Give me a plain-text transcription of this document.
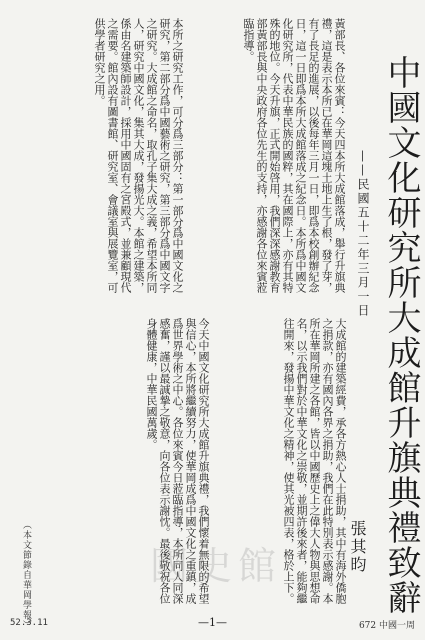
中國文化研究所大成館升旗典禮致辭
——民國五十二年三月一日
張其昀
黃部長、各位來賓：今天四本所大成館落成，舉行升旗典禮，這是表示本所已在華岡這塊土地上生了根，發了芽，有了長足的進展，以後每年三月一日，即爲本校創辦紀念日，這一日即爲本所大成館落成之紀念日。本所爲中國文化研究所，代表中華民族的國粹，其在國際上，亦有其特殊的地位。今天升旗，正式開始啓用，我們深深感謝教育部黃部長與中央政府各位先生的支持，亦感謝各位來賓蒞臨指導。
本所之研究工作，可分爲三部分：第一部分爲中國文化之研究，第二部分爲中國藝術之研究，第三部分爲中國文字之研究。大成館之命名，取孔子集大成之義，希望本所同人，研究中國文化，集其大成，發揚光大。本館之建築，係由名建築師設計，採用中國固有之宮殿式，並兼顧現代之需要。館內設有圖書館、研究室、會議室與展覽室，可供學者研究之用。
大成館的建築經費，承各方熱心人士捐助，其中有海外僑胞之捐款，亦有國內各界之捐助，我們在此特別表示感謝。本所在華岡所建之各館，皆以中國歷史上之偉大人物與思想命名，以示我們對於中華文化之崇敬，並期許後來者，能夠繼往開來，發揚中華文化之精神，使其光被四表，格於上下。
今天中國文化研究所大成館升旗典禮，我們懷着無限的希望與信心，本所將繼續努力，使華岡成爲中國文化之重鎮，成爲世界學術之中心。各位來賓今日蒞臨指導，本所同人同深感奮，謹以最誠摯之敬意，向各位表示謝忱。最後敬祝各位身體健康，中華民國萬歲。
（本文節錄自華岡學報）	國史館
52.3.11	—1—	672 中國一周
